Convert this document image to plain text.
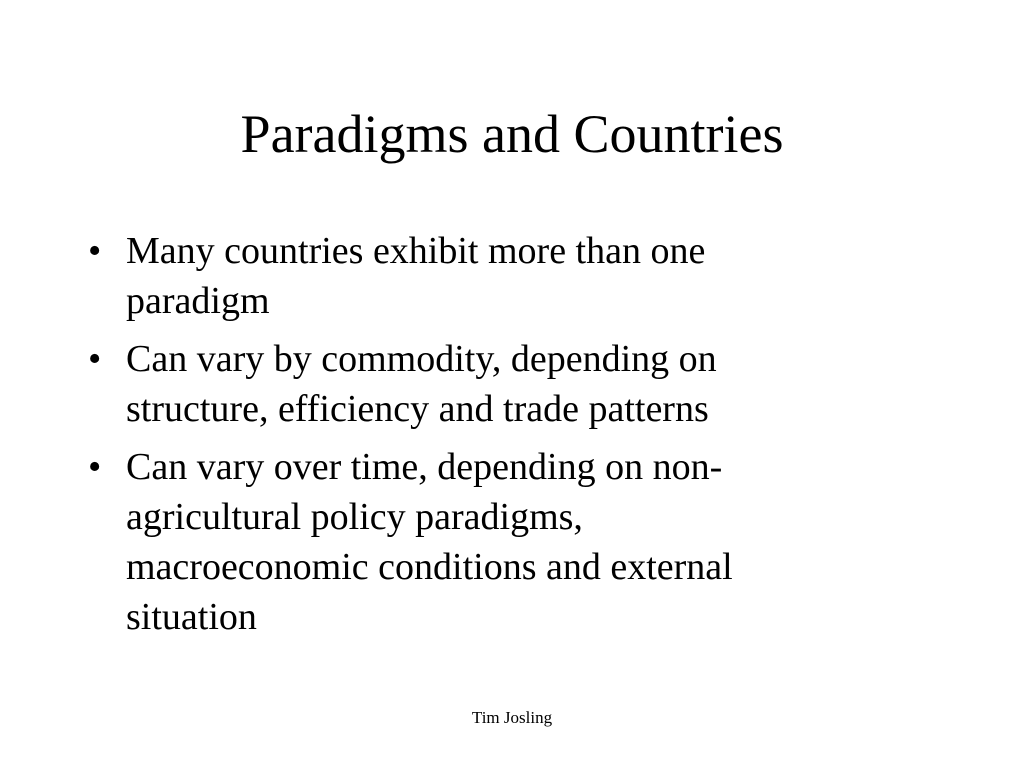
Paradigms and Countries
• Many countries exhibit more than one
paradigm
• Can vary by commodity, depending on
structure, efficiency and trade patterns
• Can vary over time, depending on non-
agricultural policy paradigms,
macroeconomic conditions and external
situation
Tim Josling
